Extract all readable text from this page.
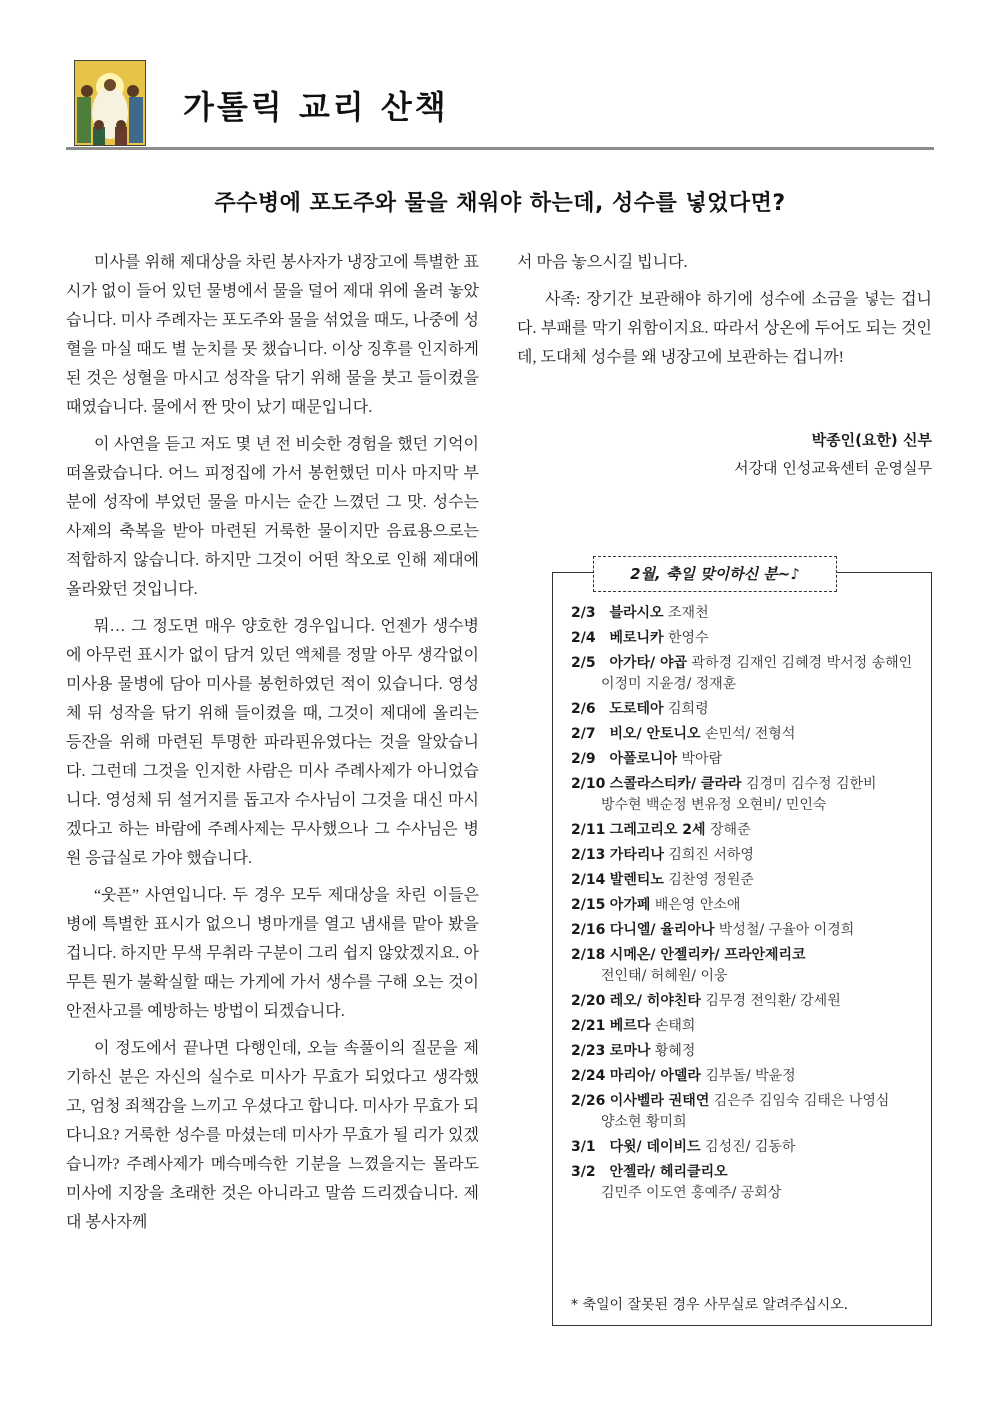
가톨릭 교리 산책
주수병에 포도주와 물을 채워야 하는데, 성수를 넣었다면?

미사를 위해 제대상을 차린 봉사자가 냉장고에 특별한 표시가 없이 들어 있던 물병에서 물을 덜어 제대 위에 올려 놓았습니다. 미사 주례자는 포도주와 물을 섞었을 때도, 나중에 성혈을 마실 때도 별 눈치를 못 챘습니다. 이상 징후를 인지하게 된 것은 성혈을 마시고 성작을 닦기 위해 물을 붓고 들이켰을 때였습니다. 물에서 짠 맛이 났기 때문입니다.

이 사연을 듣고 저도 몇 년 전 비슷한 경험을 했던 기억이 떠올랐습니다. 어느 피정집에 가서 봉헌했던 미사 마지막 부분에 성작에 부었던 물을 마시는 순간 느꼈던 그 맛. 성수는 사제의 축복을 받아 마련된 거룩한 물이지만 음료용으로는 적합하지 않습니다. 하지만 그것이 어떤 착오로 인해 제대에 올라왔던 것입니다.

뭐… 그 정도면 매우 양호한 경우입니다. 언젠가 생수병에 아무런 표시가 없이 담겨 있던 액체를 정말 아무 생각없이 미사용 물병에 담아 미사를 봉헌하였던 적이 있습니다. 영성체 뒤 성작을 닦기 위해 들이켰을 때, 그것이 제대에 올리는 등잔을 위해 마련된 투명한 파라핀유였다는 것을 알았습니다. 그런데 그것을 인지한 사람은 미사 주례사제가 아니었습니다. 영성체 뒤 설거지를 돕고자 수사님이 그것을 대신 마시겠다고 하는 바람에 주례사제는 무사했으나 그 수사님은 병원 응급실로 가야 했습니다.

“웃픈” 사연입니다. 두 경우 모두 제대상을 차린 이들은 병에 특별한 표시가 없으니 병마개를 열고 냄새를 맡아 봤을 겁니다. 하지만 무색 무취라 구분이 그리 쉽지 않았겠지요. 아무튼 뭔가 불확실할 때는 가게에 가서 생수를 구해 오는 것이 안전사고를 예방하는 방법이 되겠습니다.

이 정도에서 끝나면 다행인데, 오늘 속풀이의 질문을 제기하신 분은 자신의 실수로 미사가 무효가 되었다고 생각했고, 엄청 죄책감을 느끼고 우셨다고 합니다. 미사가 무효가 되다니요? 거룩한 성수를 마셨는데 미사가 무효가 될 리가 있겠습니까? 주례사제가 메슥메슥한 기분을 느꼈을지는 몰라도 미사에 지장을 초래한 것은 아니라고 말씀 드리겠습니다. 제대 봉사자께

서 마음 놓으시길 빕니다.

사족: 장기간 보관해야 하기에 성수에 소금을 넣는 겁니다. 부패를 막기 위함이지요. 따라서 상온에 두어도 되는 것인데, 도대체 성수를 왜 냉장고에 보관하는 겁니까!

박종인(요한) 신부
서강대 인성교육센터 운영실무
2월, 축일 맞이하신 분~♪
2/3 블라시오 조재천
2/4 베로니카 한영수
2/5 아가타/ 야곱 곽하경 김재인 김혜경 박서정 송해인
이정미 지윤경/ 정재훈
2/6 도로테아 김희령
2/7 비오/ 안토니오 손민석/ 전형석
2/9 아폴로니아 박아람
2/10 스콜라스티카/ 클라라 김경미 김수정 김한비
방수현 백순정 변유정 오현비/ 민인숙
2/11 그레고리오 2세 장해준
2/13 가타리나 김희진 서하영
2/14 발렌티노 김찬영 정원준
2/15 아가페 배은영 안소애
2/16 다니엘/ 율리아나 박성철/ 구율아 이경희
2/18 시메온/ 안젤리카/ 프라안제리코
전인태/ 허혜원/ 이웅
2/20 레오/ 히야친타 김무경 전익환/ 강세원
2/21 베르다 손태희
2/23 로마나 황혜정
2/24 마리아/ 아델라 김부돌/ 박윤정
2/26 이사벨라 권태연 김은주 김임숙 김태은 나영심
양소현 황미희
3/1 다윗/ 데이비드 김성진/ 김동하
3/2 안젤라/ 헤리클리오
김민주 이도연 홍예주/ 공회상
* 축일이 잘못된 경우 사무실로 알려주십시오.
